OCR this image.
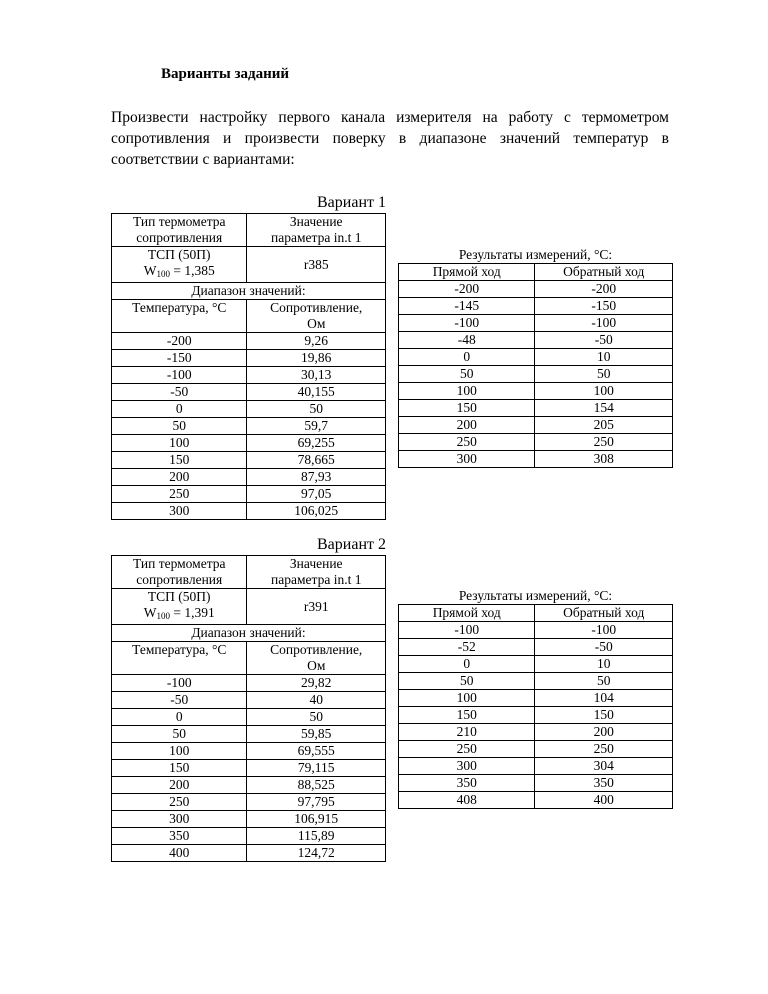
Варианты заданий
Произвести настройку первого канала измерителя на работу с термометром сопротивления и произвести поверку в диапазоне значений температур в соответствии с вариантами:
Вариант 1
Тип термометра	Значение
сопротивления	параметра in.t 1
ТСП (50П)	r385
$W_{100} = 1,385$	
Диапазон значений:	
Температура, °С	Сопротивление,
	Ом
-200	9,26
-150	19,86
-100	30,13
-50	40,155
0	50
50	59,7
100	69,255
150	78,665
200	87,93
250	97,05
300	106,025
Результаты измерений, °С:
Прямой ход	Обратный ход
-200	-200
-145	-150
-100	-100
-48	-50
0	10
50	50
100	100
150	154
200	205
250	250
300	308
Вариант 2
Тип термометра	Значение
сопротивления	параметра in.t 1
ТСП (50П)	r391
$W_{100} = 1,391$	
Диапазон значений:	
Температура, °С	Сопротивление,
	Ом
-100	29,82
-50	40
0	50
50	59,85
100	69,555
150	79,115
200	88,525
250	97,795
300	106,915
350	115,89
400	124,72
Результаты измерений, °С:
Прямой ход	Обратный ход
-100	-100
-52	-50
0	10
50	50
100	104
150	150
210	200
250	250
300	304
350	350
408	400
